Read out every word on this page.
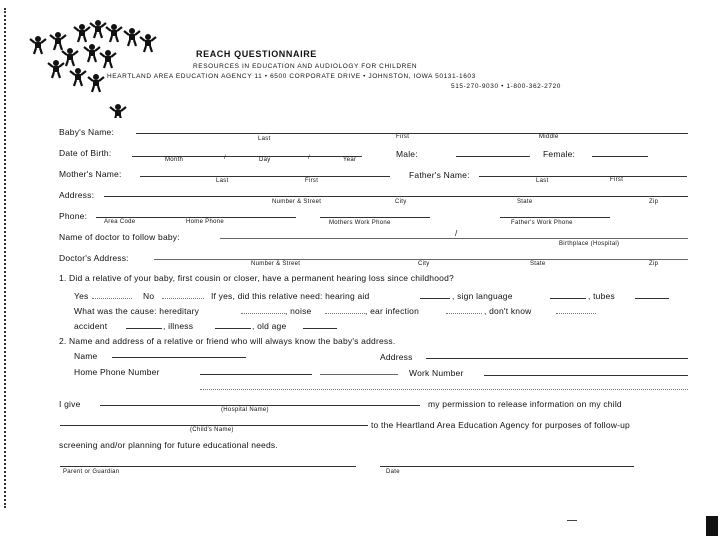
REACH QUESTIONNAIRE
RESOURCES IN EDUCATION AND AUDIOLOGY FOR CHILDREN
HEARTLAND AREA EDUCATION AGENCY 11 • 6500 CORPORATE DRIVE • JOHNSTON, IOWA 50131-1603
515-270-9030 • 1-800-362-2720
Baby's Name:
Last	First	Middle
Date of Birth:
Month	/	Day	/	Year
Male:	Female:
Mother's Name:
Last	First
Father's Name:
Last	First
Address:
Number & Street	City	State	Zip
Phone:
Area Code	Home Phone	Mothers Work Phone	Father's Work Phone
Name of doctor to follow baby:	/
Birthplace (Hospital)
Doctor's Address:
Number & Street	City	State	Zip
1. Did a relative of your baby, first cousin or closer, have a permanent hearing loss since childhood?
Yes	No	If yes, did this relative need: hearing aid	, sign language	, tubes
What was the cause: hereditary	, noise	, ear infection	, don't know
accident	, illness	, old age
2. Name and address of a relative or friend who will always know the baby's address.
Name	Address
Home Phone Number	Work Number
I give
(Hospital Name)
my permission to release information on my child
(Child's Name)	to the Heartland Area Education Agency for purposes of follow-up
screening and/or planning for future educational needs.
Parent or Guardian	Date
